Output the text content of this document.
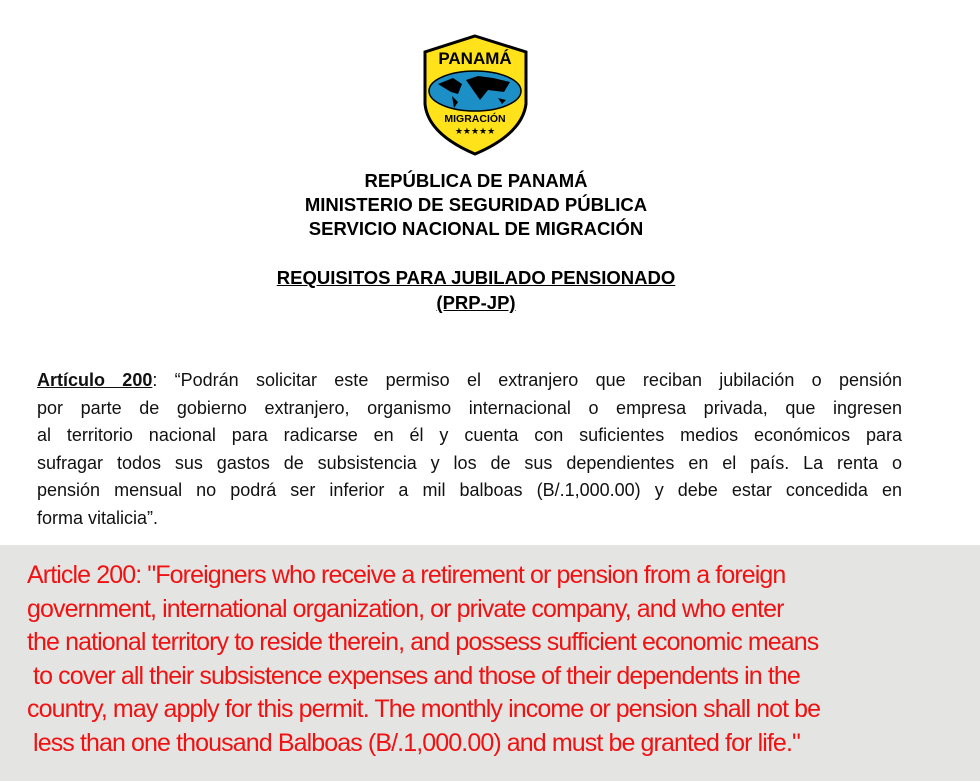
PANAMÁ
MIGRACIÓN
★★★★★
REPÚBLICA DE PANAMÁ
MINISTERIO DE SEGURIDAD PÚBLICA
SERVICIO NACIONAL DE MIGRACIÓN
REQUISITOS PARA JUBILADO PENSIONADO
(PRP-JP)
Artículo 200: “Podrán solicitar este permiso el extranjero que reciban jubilación o pensión
por parte de gobierno extranjero, organismo internacional o empresa privada, que ingresen
al territorio nacional para radicarse en él y cuenta con suficientes medios económicos para
sufragar todos sus gastos de subsistencia y los de sus dependientes en el país. La renta o
pensión mensual no podrá ser inferior a mil balboas (B/.1,000.00) y debe estar concedida en
forma vitalicia”.
Article 200: "Foreigners who receive a retirement or pension from a foreign
government, international organization, or private company, and who enter
the national territory to reside therein, and possess sufficient economic means
to cover all their subsistence expenses and those of their dependents in the
country, may apply for this permit. The monthly income or pension shall not be
less than one thousand Balboas (B/.1,000.00) and must be granted for life."
